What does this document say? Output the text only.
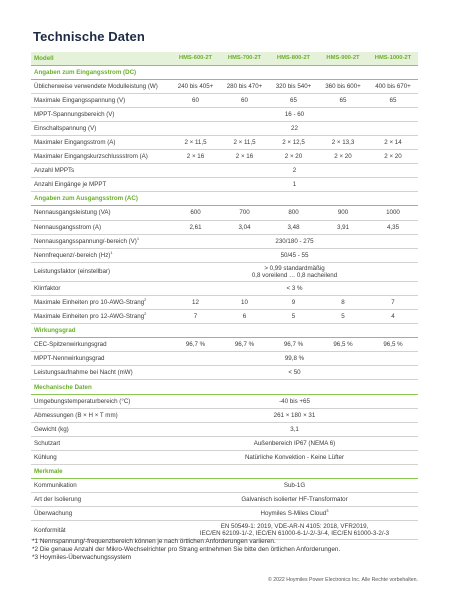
Technische Daten
Modell	HMS-600-2T	HMS-700-2T	HMS-800-2T	HMS-900-2T	HMS-1000-2T
Angaben zum Eingangsstrom (DC)					
Üblicherweise verwendete Modulleistung (W)	240 bis 405+	280 bis 470+	320 bis 540+	360 bis 600+	400 bis 670+
Maximale Eingangsspannung (V)	60	60	65	65	65
MPPT-Spannungsbereich (V)	16 - 60				
Einschaltspannung (V)	22				
Maximaler Eingangsstrom (A)	2 × 11,5	2 × 11,5	2 × 12,5	2 × 13,3	2 × 14
Maximaler Eingangskurzschlussstrom (A)	2 × 16	2 × 16	2 × 20	2 × 20	2 × 20
Anzahl MPPTs	2				
Anzahl Eingänge je MPPT	1				
Angaben zum Ausgangsstrom (AC)					
Nennausgangsleistung (VA)	600	700	800	900	1000
Nennausgangsstrom (A)	2,61	3,04	3,48	3,91	4,35
Nennausgangsspannung/-bereich $(V)^1$	230/180 - 275				
Nennfrequenz/-bereich $(Hz)^1$	50/45 - 55				
Leistungsfaktor (einstellbar)	> 0,99 standardmäßig
0,8 voreilend … 0,8 nacheilend				
Klirrfaktor	< 3 %				
Maximale Einheiten pro 10-AWG-Strang$^2$	12	10	9	8	7
Maximale Einheiten pro 12-AWG-Strang$^2$	7	6	5	5	4
Wirkungsgrad					
CEC-Spitzenwirkungsgrad	96,7 %	96,7 %	96,7 %	96,5 %	96,5 %
MPPT-Nennwirkungsgrad	99,8 %				
Leistungsaufnahme bei Nacht (mW)	< 50				
Mechanische Daten					
Umgebungstemperaturbereich (°C)	-40 bis +65				
Abmessungen (B × H × T mm)	261 × 180 × 31				
Gewicht (kg)	3,1				
Schutzart	Außenbereich IP67 (NEMA 6)				
Kühlung	Natürliche Konvektion - Keine Lüfter				
Merkmale					
Kommunikation	Sub-1G				
Art der Isolierung	Galvanisch isolierter HF-Transformator				
Überwachung	Hoymiles S-Miles Cloud$^3$
Konformität	EN 50549-1: 2019, VDE-AR-N 4105: 2018, VFR2019,
IEC/EN 62109-1/-2, IEC/EN 61000-6-1/-2/-3/-4, IEC/EN 61000-3-2/-3				
*1 Nennspannung/-frequenzbereich können je nach örtlichen Anforderungen variieren.
*2 Die genaue Anzahl der Mikro-Wechselrichter pro Strang entnehmen Sie bitte den örtlichen Anforderungen.
*3 Hoymiles-Überwachungssystem
© 2022 Hoymiles Power Electronics Inc. Alle Rechte vorbehalten.
